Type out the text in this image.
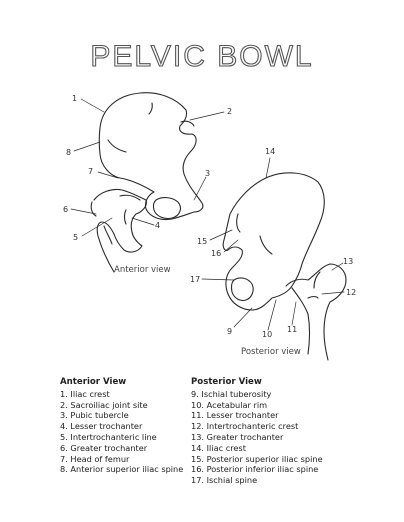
PELVIC BOWL
1
2
3
4
5
6
7
8
9	10
11
12
13
14
15
16
17
Anterior view
Posterior view
Anterior View
1. Iliac crest
2. Sacroiliac joint site
3. Pubic tubercle
4. Lesser trochanter
5. Intertrochanteric line
6. Greater trochanter
7. Head of femur
8. Anterior superior iliac spine
Posterior View
9. Ischial tuberosity
10. Acetabular rim
11. Lesser trochanter
12. Intertrochanteric crest
13. Greater trochanter
14. Iliac crest
15. Posterior superior iliac spine
16. Posterior inferior iliac spine
17. Ischial spine
